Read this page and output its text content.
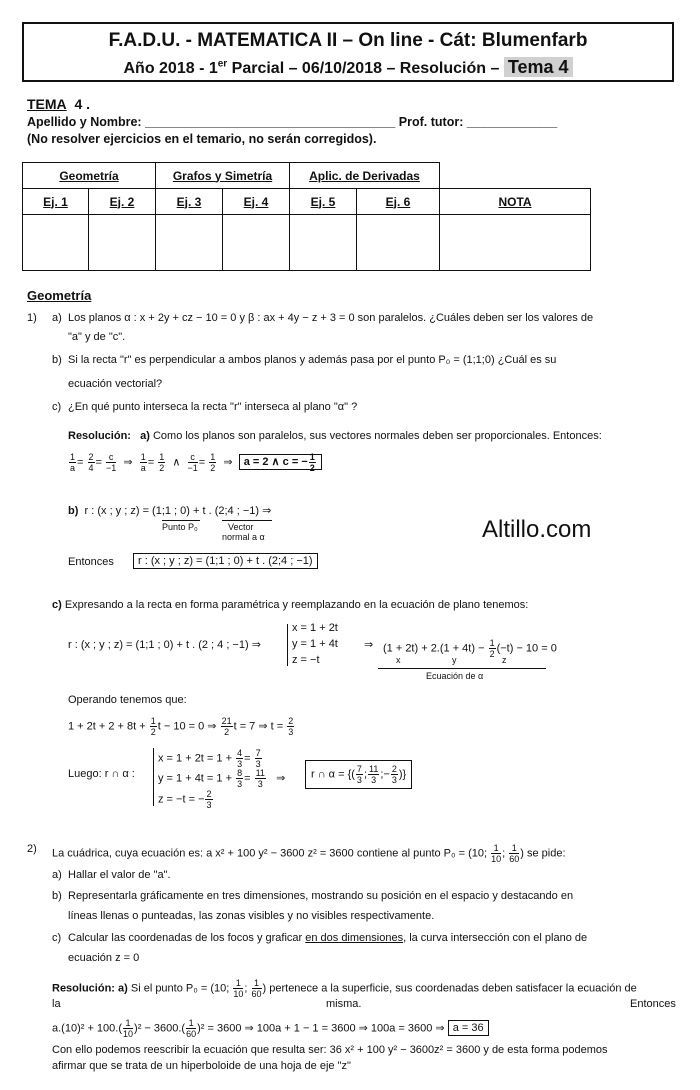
F.A.D.U. - MATEMATICA II – On line - Cát: Blumenfarb
Año 2018 - 1er Parcial – 06/10/2018 – Resolución – Tema 4
TEMA 4 .
Apellido y Nombre: ____________________________________ Prof. tutor: _____________
(No resolver ejercicios en el temario, no serán corregidos).
Geometría		Grafos y Simetría		Aplic. de Derivadas		
Ej. 1	Ej. 2	Ej. 3	Ej. 4	Ej. 5	Ej. 6	NOTA

Altillo.com
Geometría
1) a) Los planos α : x + 2y + cz − 10 = 0 y β : ax + 4y − z + 3 = 0 son paralelos. ¿Cuáles deben ser los valores de
"a" y de "c".
b) Si la recta "r" es perpendicular a ambos planos y además pasa por el punto P₀ = (1;1;0) ¿Cuál es su
ecuación vectorial?
c) ¿En qué punto interseca la recta "r" interseca al plano "α" ?
Resolución: a) Como los planos son paralelos, sus vectores normales deben ser proporcionales. Entonces:
$\frac{1}{a} = \frac{2}{4} = \frac{c}{-1}$ ⇒ $\frac{1}{a} = \frac{1}{2}$ ∧ $\frac{c}{-1} = \frac{1}{2}$ ⇒  a = 2 ∧ c = − $\frac{1}{2}$
b) r : (x ; y ; z) = (1;1 ; 0) + t . (2;4 ; −1) ⇒
Punto P₀	Vector
normal a α
Entonces	r : (x ; y ; z) = (1;1 ; 0) + t . (2;4 ; −1)
c) Expresando a la recta en forma paramétrica y reemplazando en la ecuación de plano tenemos:
r : (x ; y ; z) = (1;1 ; 0) + t . (2 ; 4 ; −1) ⇒
x = 1 + 2t
y = 1 + 4t
z = −t
⇒ $(1 + 2t) + 2.(1 + 4t) - \frac{1}{2} (-t) - 10 = 0$
x	y	z
Ecuación de α
Operando tenemos que:
$1 + 2t + 2 + 8t + \frac{1}{2}$ t − 10 = 0 ⇒ $\frac{21}{2}$ t = 7 ⇒ $t = \frac{2}{3}$
Luego: r ∩ α :
$x = 1 + 2t = 1 + \frac{4}{3} = \frac{7}{3}$
$y = 1 + 4t = 1 + \frac{8}{3} = \frac{11}{3}$ ⇒
z = −t = − $\frac{2}{3}$
r ∩ α = {( $\frac{7}{3}$ ; $\frac{11}{3}$ ;− $\frac{2}{3}$ )}
2) La cuádrica, cuya ecuación es: a x² + 100 y² − 3600 z² = 3600 contiene al punto P₀ = (10; $\frac{1}{10}$ ; $\frac{1}{60}$ ) se pide:
a) Hallar el valor de "a".
b) Representarla gráficamente en tres dimensiones, mostrando su posición en el espacio y destacando en
líneas llenas o punteadas, las zonas visibles y no visibles respectivamente.
c) Calcular las coordenadas de los focos y graficar en dos dimensiones, la curva intersección con el plano de
ecuación z = 0
Resolución: a) Si el punto P₀ = (10; $\frac{1}{10}$ ; $\frac{1}{60}$ ) pertenece a la superficie, sus coordenadas deben satisfacer la ecuación de
la	misma.	Entonces
$a.(10)^2 + 100.( \frac{1}{10} )^2 - 3600.( \frac{1}{60} )^2 = 3600$ ⇒ 100a + 1 − 1 = 3600 ⇒ 100a = 3600 ⇒ a = 36
Con ello podemos reescribir la ecuación que resulta ser: 36 x² + 100 y² − 3600z² = 3600 y de esta forma podemos
afirmar que se trata de un hiperboloide de una hoja de eje "z"
